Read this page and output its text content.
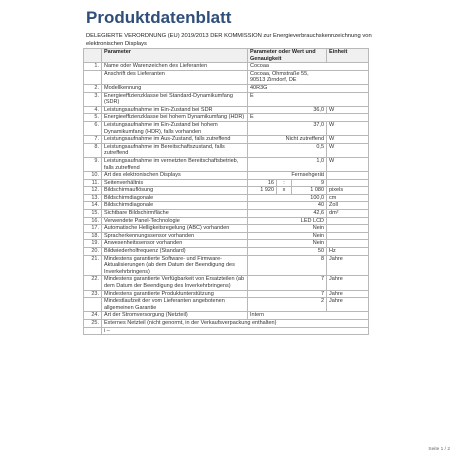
Produktdatenblatt
DELEGIERTE VERORDNUNG (EU) 2019/2013 DER KOMMISSION zur Energieverbrauchskennzeichnung von elektronischen Displays
	Parameter	Parameter oder Wert und Genauigkeit			Einheit
1.	Name oder Warenzeichen des Lieferanten	Cocoaa			
	Anschrift des Lieferanten	Cocoaa, Ohmstraße 55,
90513 Zirndorf, DE			
2.	Modellkennung	40R3G			
3.	Energieeffizienzklasse bei Standard-Dynamikumfang (SDR)	E			
4.	Leistungsaufnahme im Ein-Zustand bei SDR	36,0			W
5.	Energieeffizienzklasse bei hohem Dynamikumfang (HDR)	E			
6.	Leistungsaufnahme im Ein-Zustand bei hohem Dynamikumfang (HDR), falls vorhanden	37,0			W
7.	Leistungsaufnahme im Aus-Zustand, falls zutreffend	Nicht zutreffend			W
8.	Leistungsaufnahme im Bereitschaftszustand, falls zutreffend	0,5			W
9.	Leistungsaufnahme im vernetzten Bereitschaftsbetrieb, falls zutreffend	1,0			W
10.	Art des elektronischen Displays	Fernsehgerät			
11.	Seitenverhältnis	16	:	9	
12.	Bildschirmauflösung	1 920	x	1 080	pixels
13.	Bildschirmdiagonale	100,0			cm
14.	Bildschirmdiagonale	40			Zoll
15.	Sichtbare Bildschirmfläche	42,6			dm²
16.	Verwendete Panel-Technologie	LED LCD			
17.	Automatische Helligkeitsregelung (ABC) vorhanden	Nein			
18.	Spracherkennungssensor vorhanden	Nein			
19.	Anwesenheitssensor vorhanden	Nein			
20.	Bildwiederholfrequenz (Standard)	50			Hz
21.	Mindestens garantierte Software- und Firmware-Aktualisierungen (ab dem Datum der Beendigung des Inverkehrbringens)	8			Jahre
22.	Mindestens garantierte Verfügbarkeit von Ersatzteilen (ab dem Datum der Beendigung des Inverkehrbringens)	7			Jahre
23.	Mindestens garantierte Produktunterstützung	7			Jahre
	Mindestlaufzeit der vom Lieferanten angebotenen allgemeinen Garantie	2			Jahre
24.	Art der Stromversorgung (Netzteil)	Intern			
25.	Externes Netzteil (nicht genormt, in der Verkaufsverpackung enthalten)				
	i –				
Seite 1 / 2
